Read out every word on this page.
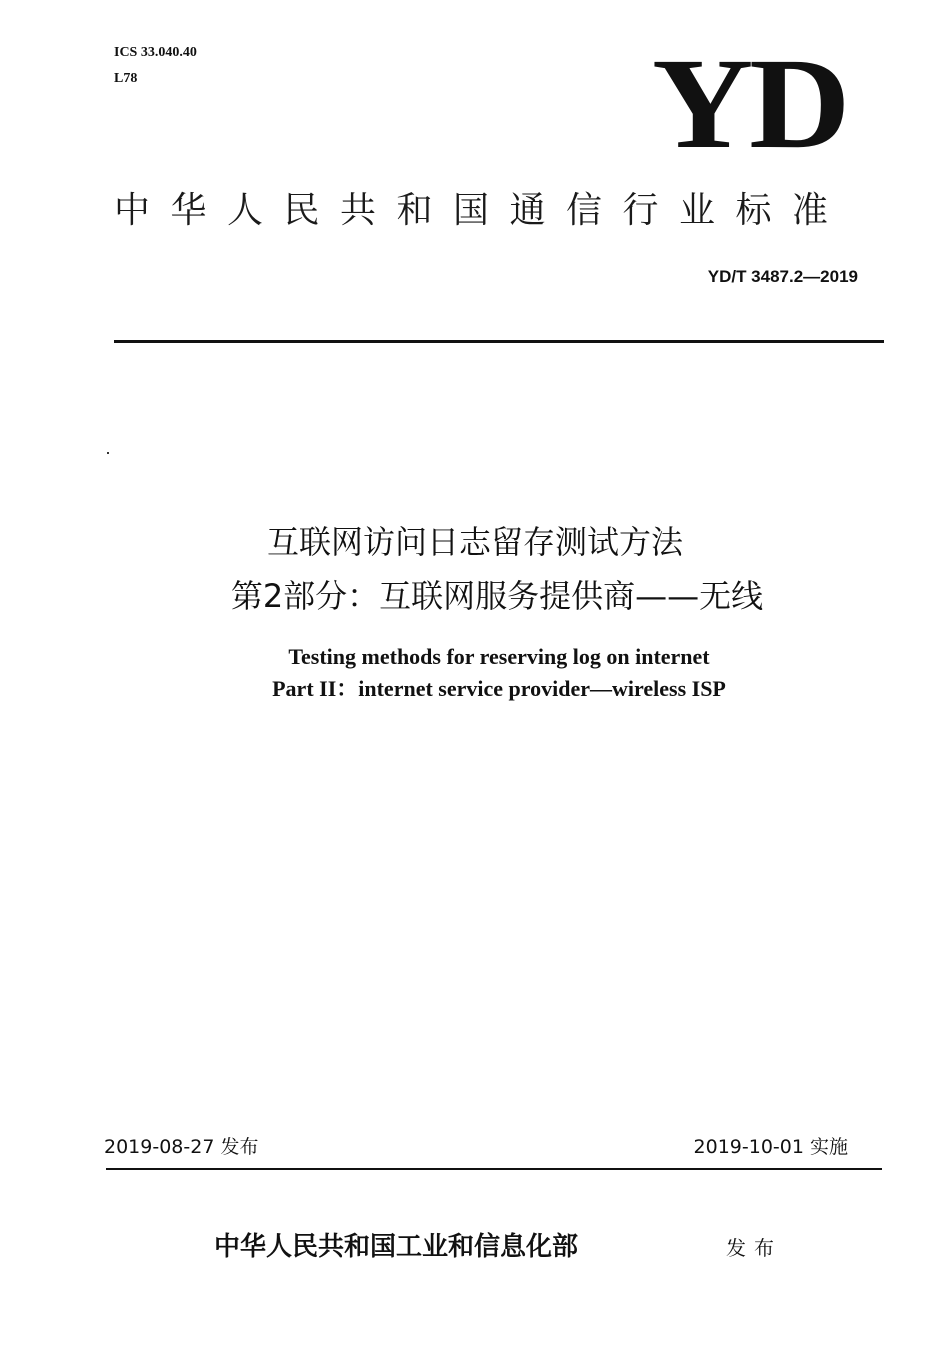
ICS 33.040.40
L78	YD
中华人民共和国通信行业标准
YD/T 3487.2—2019
互联网访问日志留存测试方法
第2部分：互联网服务提供商——无线
Testing methods for reserving log on internet
Part II：internet service provider—wireless ISP
2019-08-27 发布	2019-10-01 实施
中华人民共和国工业和信息化部	发布
